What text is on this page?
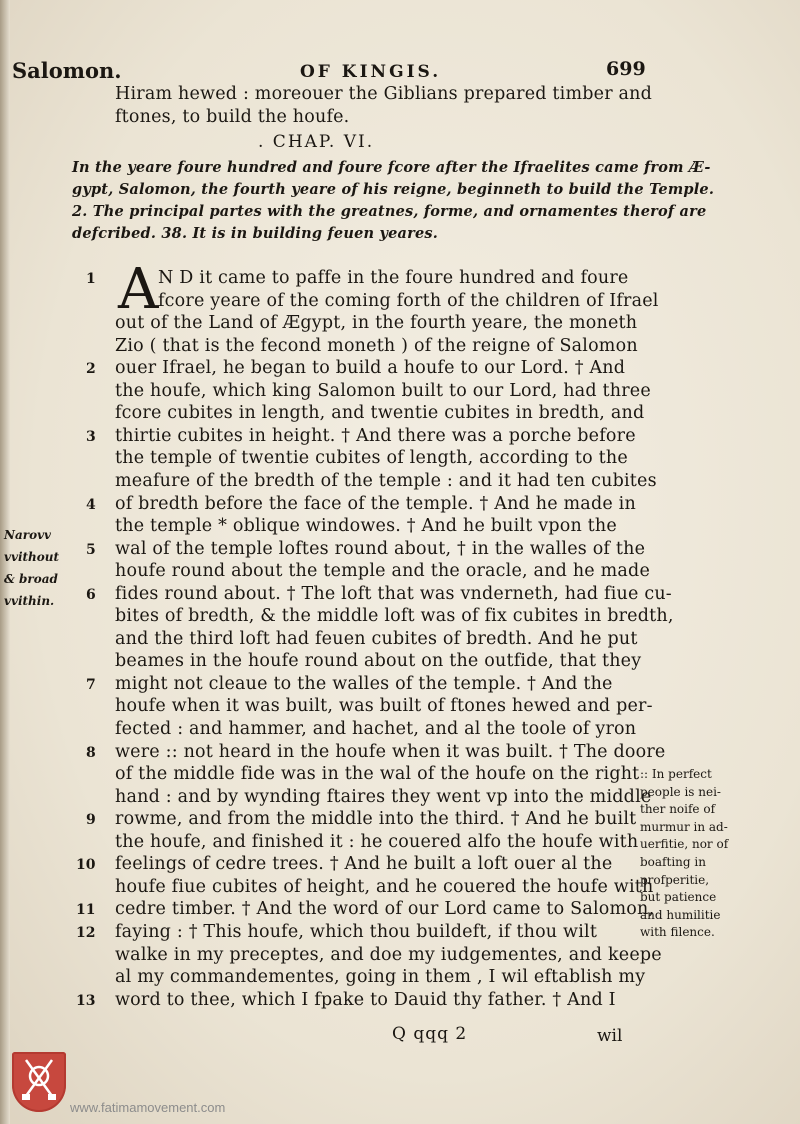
Salomon.	OF KINGIS.	699
Hiram hewed : moreouer the Giblians prepared timber and
ftones, to build the houfe.
. CHAP. VI.
In the yeare foure hundred and foure fcore after the Ifraelites came from Æ-
gypt, Salomon, the fourth yeare of his reigne, beginneth to build the Temple.
2. The principal partes with the greatnes, forme, and ornamentes therof are
defcribed. 38. It is in building feuen yeares.
A
1	N D it came to paffe in the foure hundred and foure
fcore yeare of the coming forth of the children of Ifrael
out of the Land of Ægypt, in the fourth yeare, the moneth
Zio ( that is the fecond moneth ) of the reigne of Salomon
2 ouer Ifrael, he began to build a houfe to our Lord. † And
the houfe, which king Salomon built to our Lord, had three
fcore cubites in length, and twentie cubites in bredth, and
3 thirtie cubites in height. † And there was a porche before
the temple of twentie cubites of length, according to the
meafure of the bredth of the temple : and it had ten cubites
4 of bredth before the face of the temple. † And he made in
the temple * oblique windowes. † And he built vpon the
5 wal of the temple loftes round about, † in the walles of the
houfe round about the temple and the oracle, and he made
6 fides round about. † The loft that was vnderneth, had fiue cu-
bites of bredth, & the middle loft was of fix cubites in bredth,
and the third loft had feuen cubites of bredth. And he put
beames in the houfe round about on the outfide, that they
7 might not cleaue to the walles of the temple. † And the
houfe when it was built, was built of ftones hewed and per-
fected : and hammer, and hachet, and al the toole of yron
8 were :: not heard in the houfe when it was built. † The doore
of the middle fide was in the wal of the houfe on the right
hand : and by wynding ftaires they went vp into the middle
9 rowme, and from the middle into the third. † And he built
the houfe, and finished it : he couered alfo the houfe with
10 feelings of cedre trees. † And he built a loft ouer al the
houfe fiue cubites of height, and he couered the houfe with
11 cedre timber. † And the word of our Lord came to Salomon,
12 faying : † This houfe, which thou buildeft, if thou wilt
walke in my preceptes, and doe my iudgementes, and keepe
al my commandementes, going in them , I wil eftablish my
13 word to thee, which I fpake to Dauid thy father. † And I
Narovv
vvithout
& broad
vvithin.
:: In perfect
people is nei-
ther noife of
murmur in ad-
uerfitie, nor of
boafting in
profperitie,
but patience
and humilitie
with filence.
Q qqq 2	wil
www.fatimamovement.com
